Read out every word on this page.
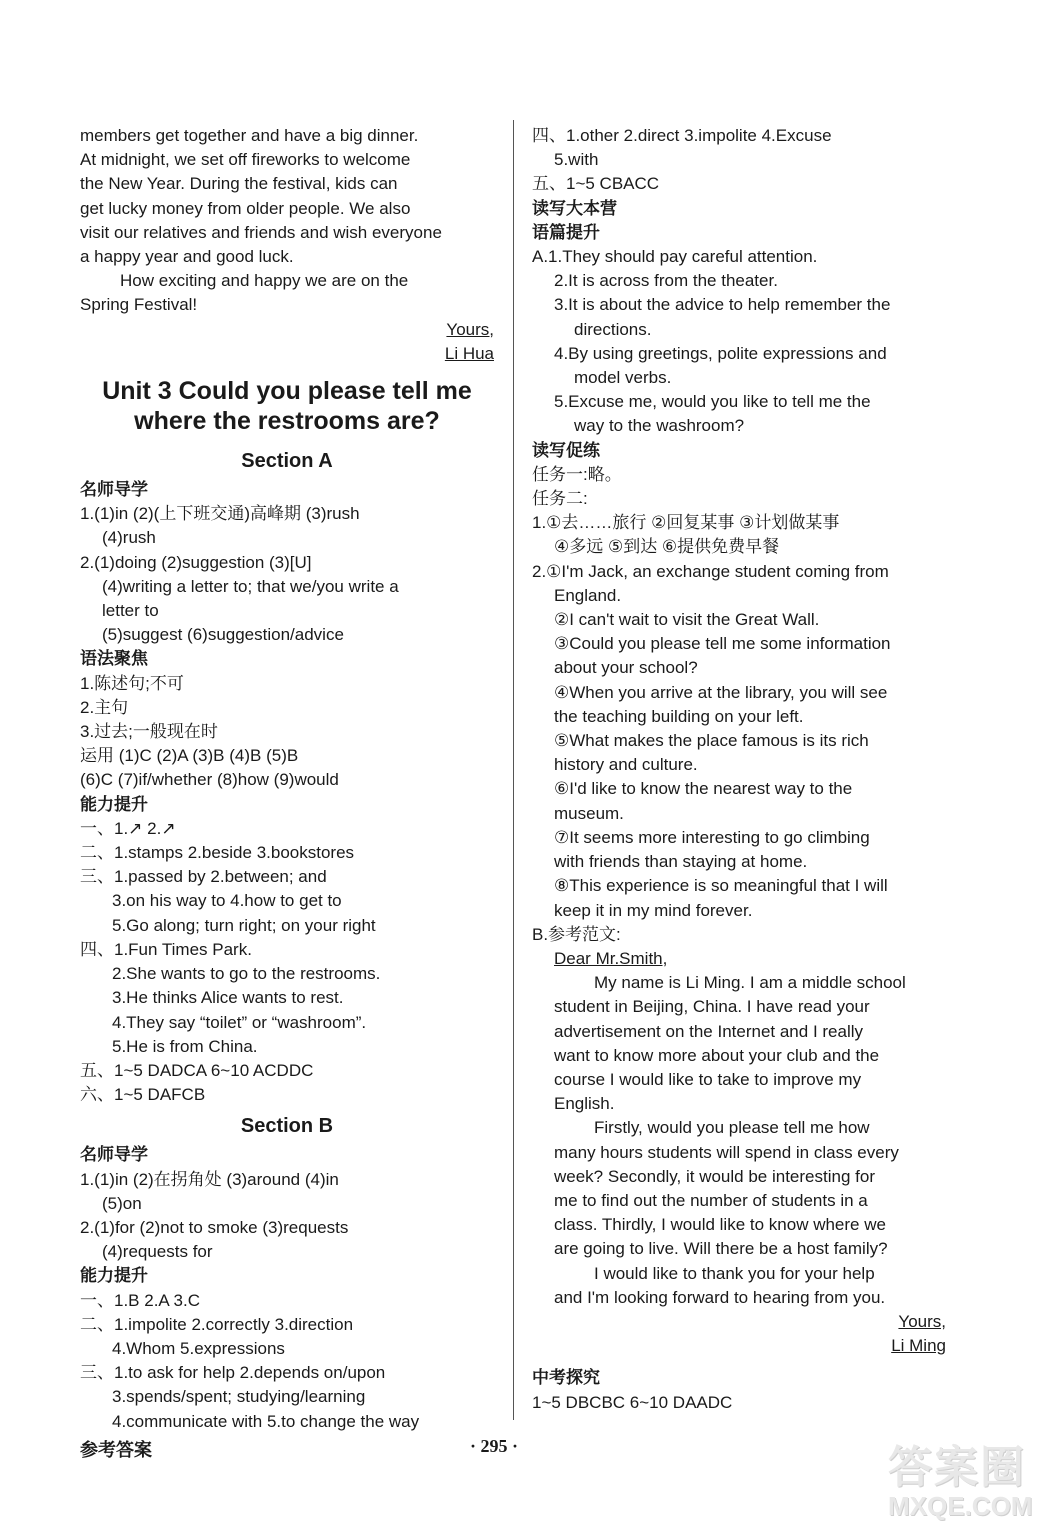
members get together and have a big dinner.
At midnight, we set off fireworks to welcome
the New Year. During the festival, kids can
get lucky money from older people. We also
visit our relatives and friends and wish everyone
a happy year and good luck.
How exciting and happy we are on the
Spring Festival!
Yours,
Li Hua
Unit 3 Could you please tell me
where the restrooms are?
Section A
名师导学
1.(1)in (2)(上下班交通)高峰期 (3)rush
(4)rush
2.(1)doing (2)suggestion (3)[U]
(4)writing a letter to; that we/you write a
letter to
(5)suggest (6)suggestion/advice
语法聚焦
1.陈述句;不可
2.主句
3.过去;一般现在时
运用 (1)C (2)A (3)B (4)B (5)B
(6)C (7)if/whether (8)how (9)would
能力提升
一、1.↗ 2.↗
二、1.stamps 2.beside 3.bookstores
三、1.passed by 2.between; and
3.on his way to 4.how to get to
5.Go along; turn right; on your right
四、1.Fun Times Park.
2.She wants to go to the restrooms.
3.He thinks Alice wants to rest.
4.They say “toilet” or “washroom”.
5.He is from China.
五、1~5 DADCA 6~10 ACDDC
六、1~5 DAFCB
Section B
名师导学
1.(1)in (2)在拐角处 (3)around (4)in
(5)on
2.(1)for (2)not to smoke (3)requests
(4)requests for
能力提升
一、1.B 2.A 3.C
二、1.impolite 2.correctly 3.direction
4.Whom 5.expressions
三、1.to ask for help 2.depends on/upon
3.spends/spent; studying/learning
4.communicate with 5.to change the way
四、1.other 2.direct 3.impolite 4.Excuse
5.with
五、1~5 CBACC
读写大本营
语篇提升
A.1.They should pay careful attention.
2.It is across from the theater.
3.It is about the advice to help remember the
directions.
4.By using greetings, polite expressions and
model verbs.
5.Excuse me, would you like to tell me the
way to the washroom?
读写促练
任务一:略。
任务二:
1.①去……旅行 ②回复某事 ③计划做某事
④多远 ⑤到达 ⑥提供免费早餐
2.①I'm Jack, an exchange student coming from
England.
②I can't wait to visit the Great Wall.
③Could you please tell me some information
about your school?
④When you arrive at the library, you will see
the teaching building on your left.
⑤What makes the place famous is its rich
history and culture.
⑥I'd like to know the nearest way to the
museum.
⑦It seems more interesting to go climbing
with friends than staying at home.
⑧This experience is so meaningful that I will
keep it in my mind forever.
B.参考范文:
Dear Mr.Smith,
My name is Li Ming. I am a middle school
student in Beijing, China. I have read your
advertisement on the Internet and I really
want to know more about your club and the
course I would like to take to improve my
English.
Firstly, would you please tell me how
many hours students will spend in class every
week? Secondly, it would be interesting for
me to find out the number of students in a
class. Thirdly, I would like to know where we
are going to live. Will there be a host family?
I would like to thank you for your help
and I'm looking forward to hearing from you.
Yours,
Li Ming
中考探究
1~5 DBCBC 6~10 DAADC
参考答案	· 295 ·	答案圈
MXQE.COM
